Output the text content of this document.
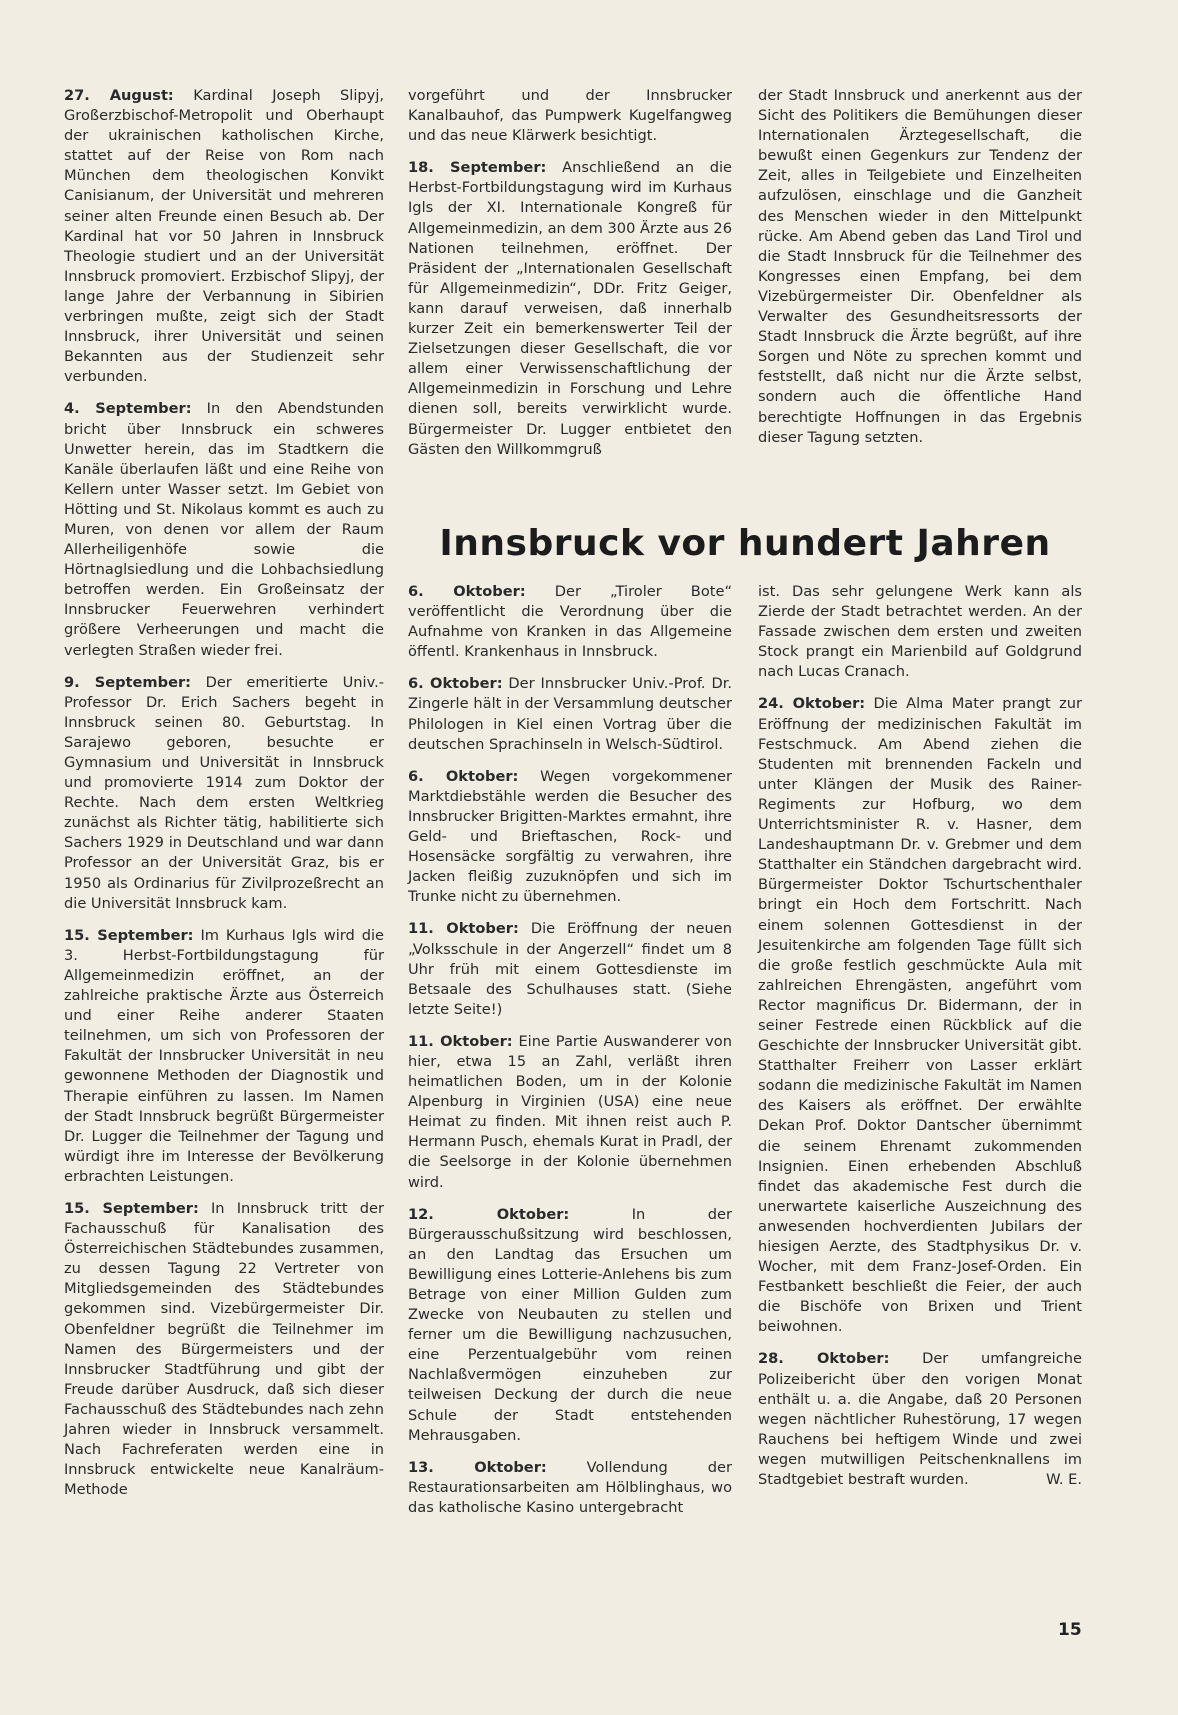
27. August: Kardinal Joseph Slipyj, Großerzbischof-Metropolit und Oberhaupt der ukrainischen katholischen Kirche, stattet auf der Reise von Rom nach München dem theologischen Konvikt Canisianum, der Universität und mehreren seiner alten Freunde einen Besuch ab. Der Kardinal hat vor 50 Jahren in Innsbruck Theologie studiert und an der Universität Innsbruck promoviert. Erzbischof Slipyj, der lange Jahre der Verbannung in Sibirien verbringen mußte, zeigt sich der Stadt Innsbruck, ihrer Universität und seinen Bekannten aus der Studienzeit sehr verbunden.

4. September: In den Abendstunden bricht über Innsbruck ein schweres Unwetter herein, das im Stadtkern die Kanäle überlaufen läßt und eine Reihe von Kellern unter Wasser setzt. Im Gebiet von Hötting und St. Nikolaus kommt es auch zu Muren, von denen vor allem der Raum Allerheiligenhöfe sowie die Hörtnaglsiedlung und die Lohbachsiedlung betroffen werden. Ein Großeinsatz der Innsbrucker Feuerwehren verhindert größere Verheerungen und macht die verlegten Straßen wieder frei.

9. September: Der emeritierte Univ.-Professor Dr. Erich Sachers begeht in Innsbruck seinen 80. Geburtstag. In Sarajewo geboren, besuchte er Gymnasium und Universität in Innsbruck und promovierte 1914 zum Doktor der Rechte. Nach dem ersten Weltkrieg zunächst als Richter tätig, habilitierte sich Sachers 1929 in Deutschland und war dann Professor an der Universität Graz, bis er 1950 als Ordinarius für Zivilprozeßrecht an die Universität Innsbruck kam.

15. September: Im Kurhaus Igls wird die 3. Herbst-Fortbildungstagung für Allgemeinmedizin eröffnet, an der zahlreiche praktische Ärzte aus Österreich und einer Reihe anderer Staaten teilnehmen, um sich von Professoren der Fakultät der Innsbrucker Universität in neu gewonnene Methoden der Diagnostik und Therapie einführen zu lassen. Im Namen der Stadt Innsbruck begrüßt Bürgermeister Dr. Lugger die Teilnehmer der Tagung und würdigt ihre im Interesse der Bevölkerung erbrachten Leistungen.

15. September: In Innsbruck tritt der Fachausschuß für Kanalisation des Österreichischen Städtebundes zusammen, zu dessen Tagung 22 Vertreter von Mitgliedsgemeinden des Städtebundes gekommen sind. Vizebürgermeister Dir. Obenfeldner begrüßt die Teilnehmer im Namen des Bürgermeisters und der Innsbrucker Stadtführung und gibt der Freude darüber Ausdruck, daß sich dieser Fachausschuß des Städtebundes nach zehn Jahren wieder in Innsbruck versammelt. Nach Fachreferaten werden eine in Innsbruck entwickelte neue Kanalräum-Methode

vorgeführt und der Innsbrucker Kanalbauhof, das Pumpwerk Kugelfangweg und das neue Klärwerk besichtigt.

18. September: Anschließend an die Herbst-Fortbildungstagung wird im Kurhaus Igls der XI. Internationale Kongreß für Allgemeinmedizin, an dem 300 Ärzte aus 26 Nationen teilnehmen, eröffnet. Der Präsident der „Internationalen Gesellschaft für Allgemeinmedizin“, DDr. Fritz Geiger, kann darauf verweisen, daß innerhalb kurzer Zeit ein bemerkenswerter Teil der Zielsetzungen dieser Gesellschaft, die vor allem einer Verwissenschaftlichung der Allgemeinmedizin in Forschung und Lehre dienen soll, bereits verwirklicht wurde. Bürgermeister Dr. Lugger entbietet den Gästen den Willkommgruß

der Stadt Innsbruck und anerkennt aus der Sicht des Politikers die Bemühungen dieser Internationalen Ärztegesellschaft, die bewußt einen Gegenkurs zur Tendenz der Zeit, alles in Teilgebiete und Einzelheiten aufzulösen, einschlage und die Ganzheit des Menschen wieder in den Mittelpunkt rücke. Am Abend geben das Land Tirol und die Stadt Innsbruck für die Teilnehmer des Kongresses einen Empfang, bei dem Vizebürgermeister Dir. Obenfeldner als Verwalter des Gesundheitsressorts der Stadt Innsbruck die Ärzte begrüßt, auf ihre Sorgen und Nöte zu sprechen kommt und feststellt, daß nicht nur die Ärzte selbst, sondern auch die öffentliche Hand berechtigte Hoffnungen in das Ergebnis dieser Tagung setzten.

Innsbruck vor hundert Jahren

6. Oktober: Der „Tiroler Bote“ veröffentlicht die Verordnung über die Aufnahme von Kranken in das Allgemeine öffentl. Krankenhaus in Innsbruck.

6. Oktober: Der Innsbrucker Univ.-Prof. Dr. Zingerle hält in der Versammlung deutscher Philologen in Kiel einen Vortrag über die deutschen Sprachinseln in Welsch-Südtirol.

6. Oktober: Wegen vorgekommener Marktdiebstähle werden die Besucher des Innsbrucker Brigitten-Marktes ermahnt, ihre Geld- und Brieftaschen, Rock- und Hosensäcke sorgfältig zu verwahren, ihre Jacken fleißig zuzuknöpfen und sich im Trunke nicht zu übernehmen.

11. Oktober: Die Eröffnung der neuen „Volksschule in der Angerzell“ findet um 8 Uhr früh mit einem Gottesdienste im Betsaale des Schulhauses statt. (Siehe letzte Seite!)

11. Oktober: Eine Partie Auswanderer von hier, etwa 15 an Zahl, verläßt ihren heimatlichen Boden, um in der Kolonie Alpenburg in Virginien (USA) eine neue Heimat zu finden. Mit ihnen reist auch P. Hermann Pusch, ehemals Kurat in Pradl, der die Seelsorge in der Kolonie übernehmen wird.

12. Oktober: In der Bürgerausschußsitzung wird beschlossen, an den Landtag das Ersuchen um Bewilligung eines Lotterie-Anlehens bis zum Betrage von einer Million Gulden zum Zwecke von Neubauten zu stellen und ferner um die Bewilligung nachzusuchen, eine Perzentualgebühr vom reinen Nachlaßvermögen einzuheben zur teilweisen Deckung der durch die neue Schule der Stadt entstehenden Mehrausgaben.

13. Oktober: Vollendung der Restaurationsarbeiten am Hölblinghaus, wo das katholische Kasino untergebracht

ist. Das sehr gelungene Werk kann als Zierde der Stadt betrachtet werden. An der Fassade zwischen dem ersten und zweiten Stock prangt ein Marienbild auf Goldgrund nach Lucas Cranach.

24. Oktober: Die Alma Mater prangt zur Eröffnung der medizinischen Fakultät im Festschmuck. Am Abend ziehen die Studenten mit brennenden Fackeln und unter Klängen der Musik des Rainer-Regiments zur Hofburg, wo dem Unterrichtsminister R. v. Hasner, dem Landeshauptmann Dr. v. Grebmer und dem Statthalter ein Ständchen dargebracht wird. Bürgermeister Doktor Tschurtschenthaler bringt ein Hoch dem Fortschritt. Nach einem solennen Gottesdienst in der Jesuitenkirche am folgenden Tage füllt sich die große festlich geschmückte Aula mit zahlreichen Ehrengästen, angeführt vom Rector magnificus Dr. Bidermann, der in seiner Festrede einen Rückblick auf die Geschichte der Innsbrucker Universität gibt. Statthalter Freiherr von Lasser erklärt sodann die medizinische Fakultät im Namen des Kaisers als eröffnet. Der erwählte Dekan Prof. Doktor Dantscher übernimmt die seinem Ehrenamt zukommenden Insignien. Einen erhebenden Abschluß findet das akademische Fest durch die unerwartete kaiserliche Auszeichnung des anwesenden hochverdienten Jubilars der hiesigen Aerzte, des Stadtphysikus Dr. v. Wocher, mit dem Franz-Josef-Orden. Ein Festbankett beschließt die Feier, der auch die Bischöfe von Brixen und Trient beiwohnen.

28. Oktober: Der umfangreiche Polizeibericht über den vorigen Monat enthält u. a. die Angabe, daß 20 Personen wegen nächtlicher Ruhestörung, 17 wegen Rauchens bei heftigem Winde und zwei wegen mutwilligen Peitschenknallens im Stadtgebiet bestraft wurden.	W. E.

15
